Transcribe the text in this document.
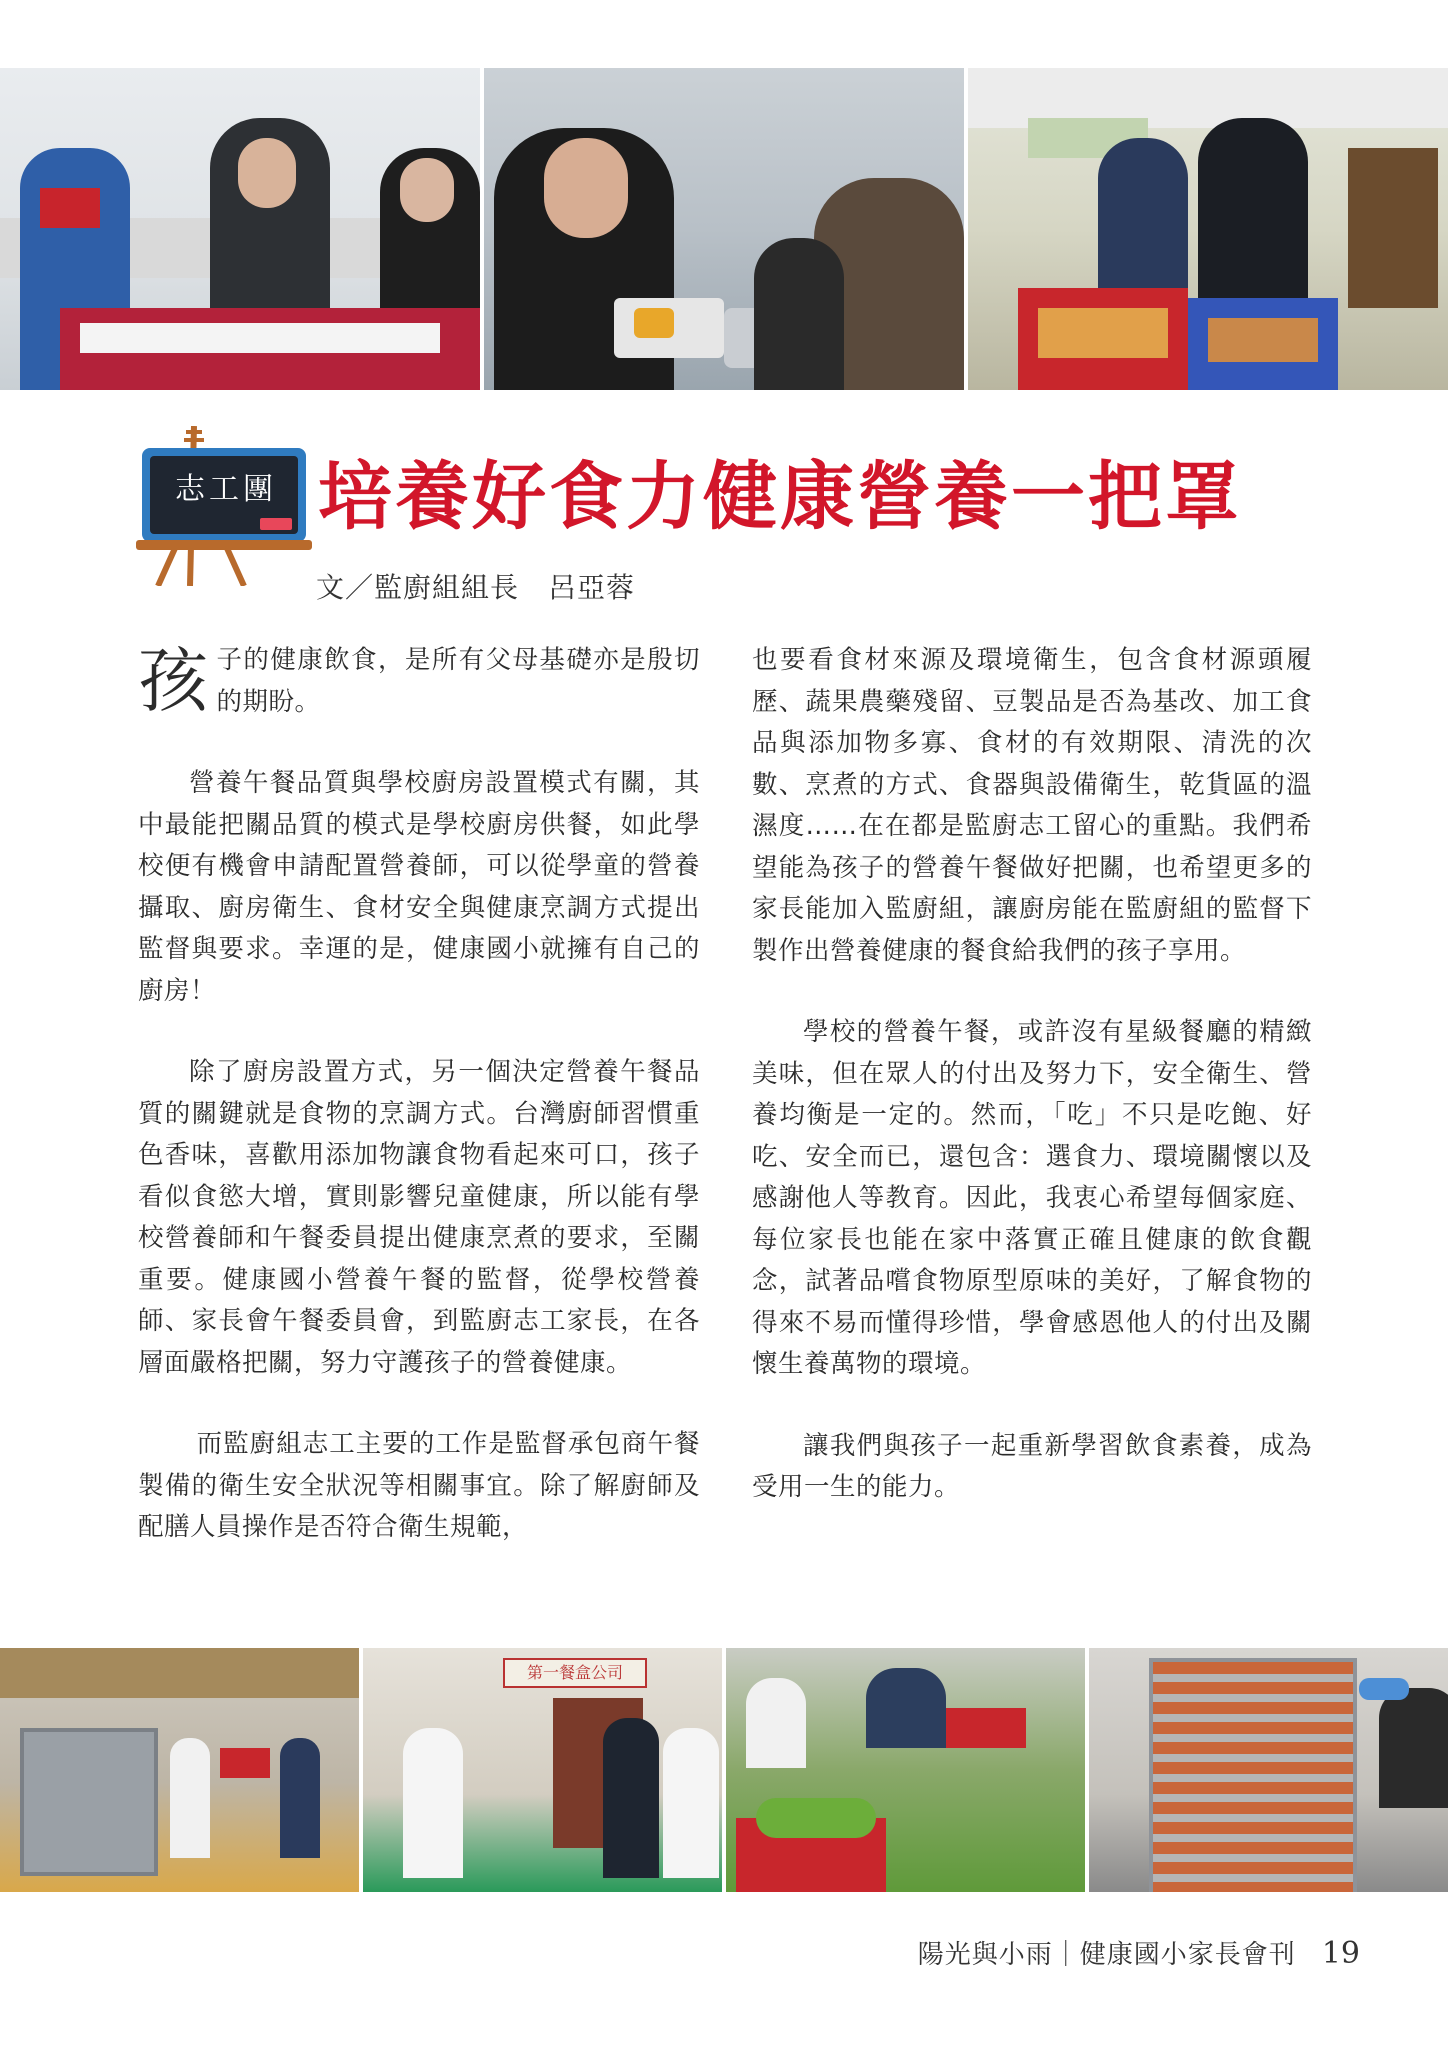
志工團 培養好食力健康營養一把罩

文／監廚組組長　呂亞蓉

孩子的健康飲食，是所有父母基礎亦是殷切的期盼。

營養午餐品質與學校廚房設置模式有關，其中最能把關品質的模式是學校廚房供餐，如此學校便有機會申請配置營養師，可以從學童的營養攝取、廚房衛生、食材安全與健康烹調方式提出監督與要求。幸運的是，健康國小就擁有自己的廚房！

除了廚房設置方式，另一個決定營養午餐品質的關鍵就是食物的烹調方式。台灣廚師習慣重色香味，喜歡用添加物讓食物看起來可口，孩子看似食慾大增，實則影響兒童健康，所以能有學校營養師和午餐委員提出健康烹煮的要求，至關重要。健康國小營養午餐的監督，從學校營養師、家長會午餐委員會，到監廚志工家長，在各層面嚴格把關，努力守護孩子的營養健康。

而監廚組志工主要的工作是監督承包商午餐製備的衛生安全狀況等相關事宜。除了解廚師及配膳人員操作是否符合衛生規範，

也要看食材來源及環境衛生，包含食材源頭履歷、蔬果農藥殘留、豆製品是否為基改、加工食品與添加物多寡、食材的有效期限、清洗的次數、烹煮的方式、食器與設備衛生，乾貨區的溫濕度……在在都是監廚志工留心的重點。我們希望能為孩子的營養午餐做好把關，也希望更多的家長能加入監廚組，讓廚房能在監廚組的監督下製作出營養健康的餐食給我們的孩子享用。

學校的營養午餐，或許沒有星級餐廳的精緻美味，但在眾人的付出及努力下，安全衛生、營養均衡是一定的。然而，「吃」不只是吃飽、好吃、安全而已，還包含：選食力、環境關懷以及感謝他人等教育。因此，我衷心希望每個家庭、每位家長也能在家中落實正確且健康的飲食觀念，試著品嚐食物原型原味的美好，了解食物的得來不易而懂得珍惜，學會感恩他人的付出及關懷生養萬物的環境。

讓我們與孩子一起重新學習飲食素養，成為受用一生的能力。

第一餐盒公司
陽光與小雨｜健康國小家長會刊 19
